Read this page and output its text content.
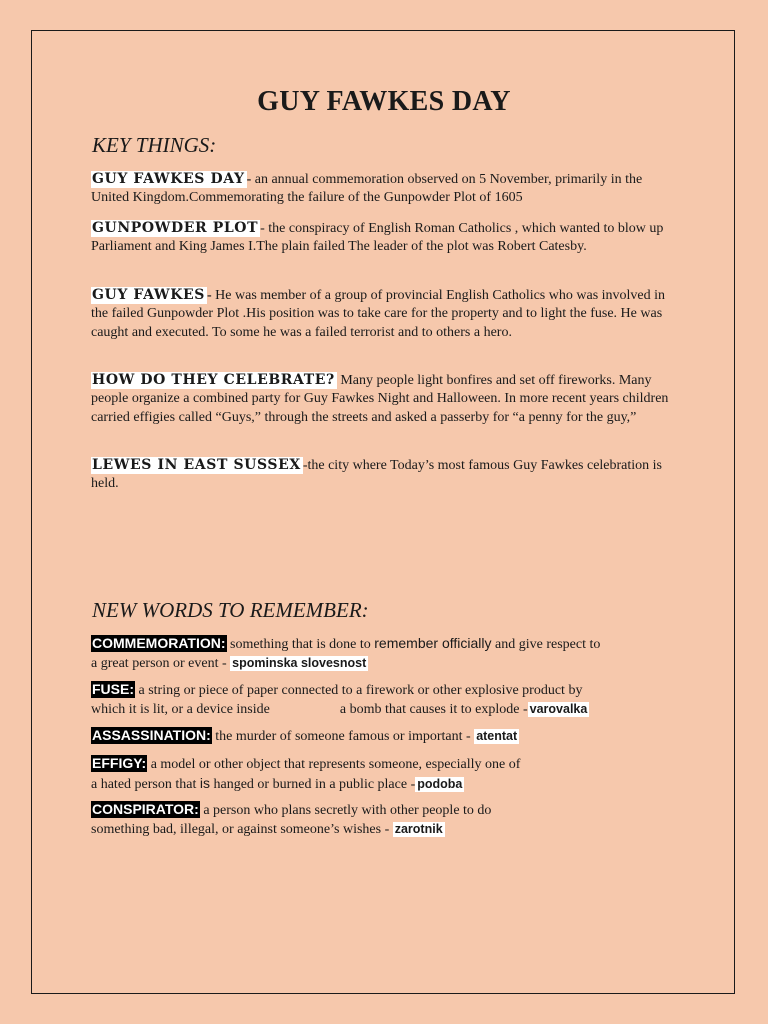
GUY FAWKES DAY
KEY THINGS:
GUY FAWKES DAY - an annual commemoration observed on 5 November, primarily in the United Kingdom.Commemorating the failure of the Gunpowder Plot of 1605
GUNPOWDER PLOT - the conspiracy of English Roman Catholics , which wanted to blow up Parliament and King James I.The plain failed The leader of the plot was Robert Catesby.
GUY FAWKES - He was member of a group of provincial English Catholics who was involved in the failed Gunpowder Plot .His position was to take care for the property and to light the fuse. He was caught and executed. To some he was a failed terrorist and to others a hero.
HOW DO THEY CELEBRATE? Many people light bonfires and set off fireworks. Many people organize a combined party for Guy Fawkes Night and Halloween. In more recent years children carried effigies called “Guys,” through the streets and asked a passerby for “a penny for the guy,”
LEWES IN EAST SUSSEX -the city where Today’s most famous Guy Fawkes celebration is held.
NEW WORDS TO REMEMBER:
COMMEMORATION: something that is done to remember officially and give respect to
a great person or event - spominska slovesnost
FUSE: a string or piece of paper connected to a firework or other explosive product by
which it is lit, or a device inside	a bomb that causes it to explode - varovalka
ASSASSINATION: the murder of someone famous or important - atentat
EFFIGY: a model or other object that represents someone, especially one of
a hated person that is hanged or burned in a public place - podoba
CONSPIRATOR: a person who plans secretly with other people to do
something bad, illegal, or against someone’s wishes - zarotnik
